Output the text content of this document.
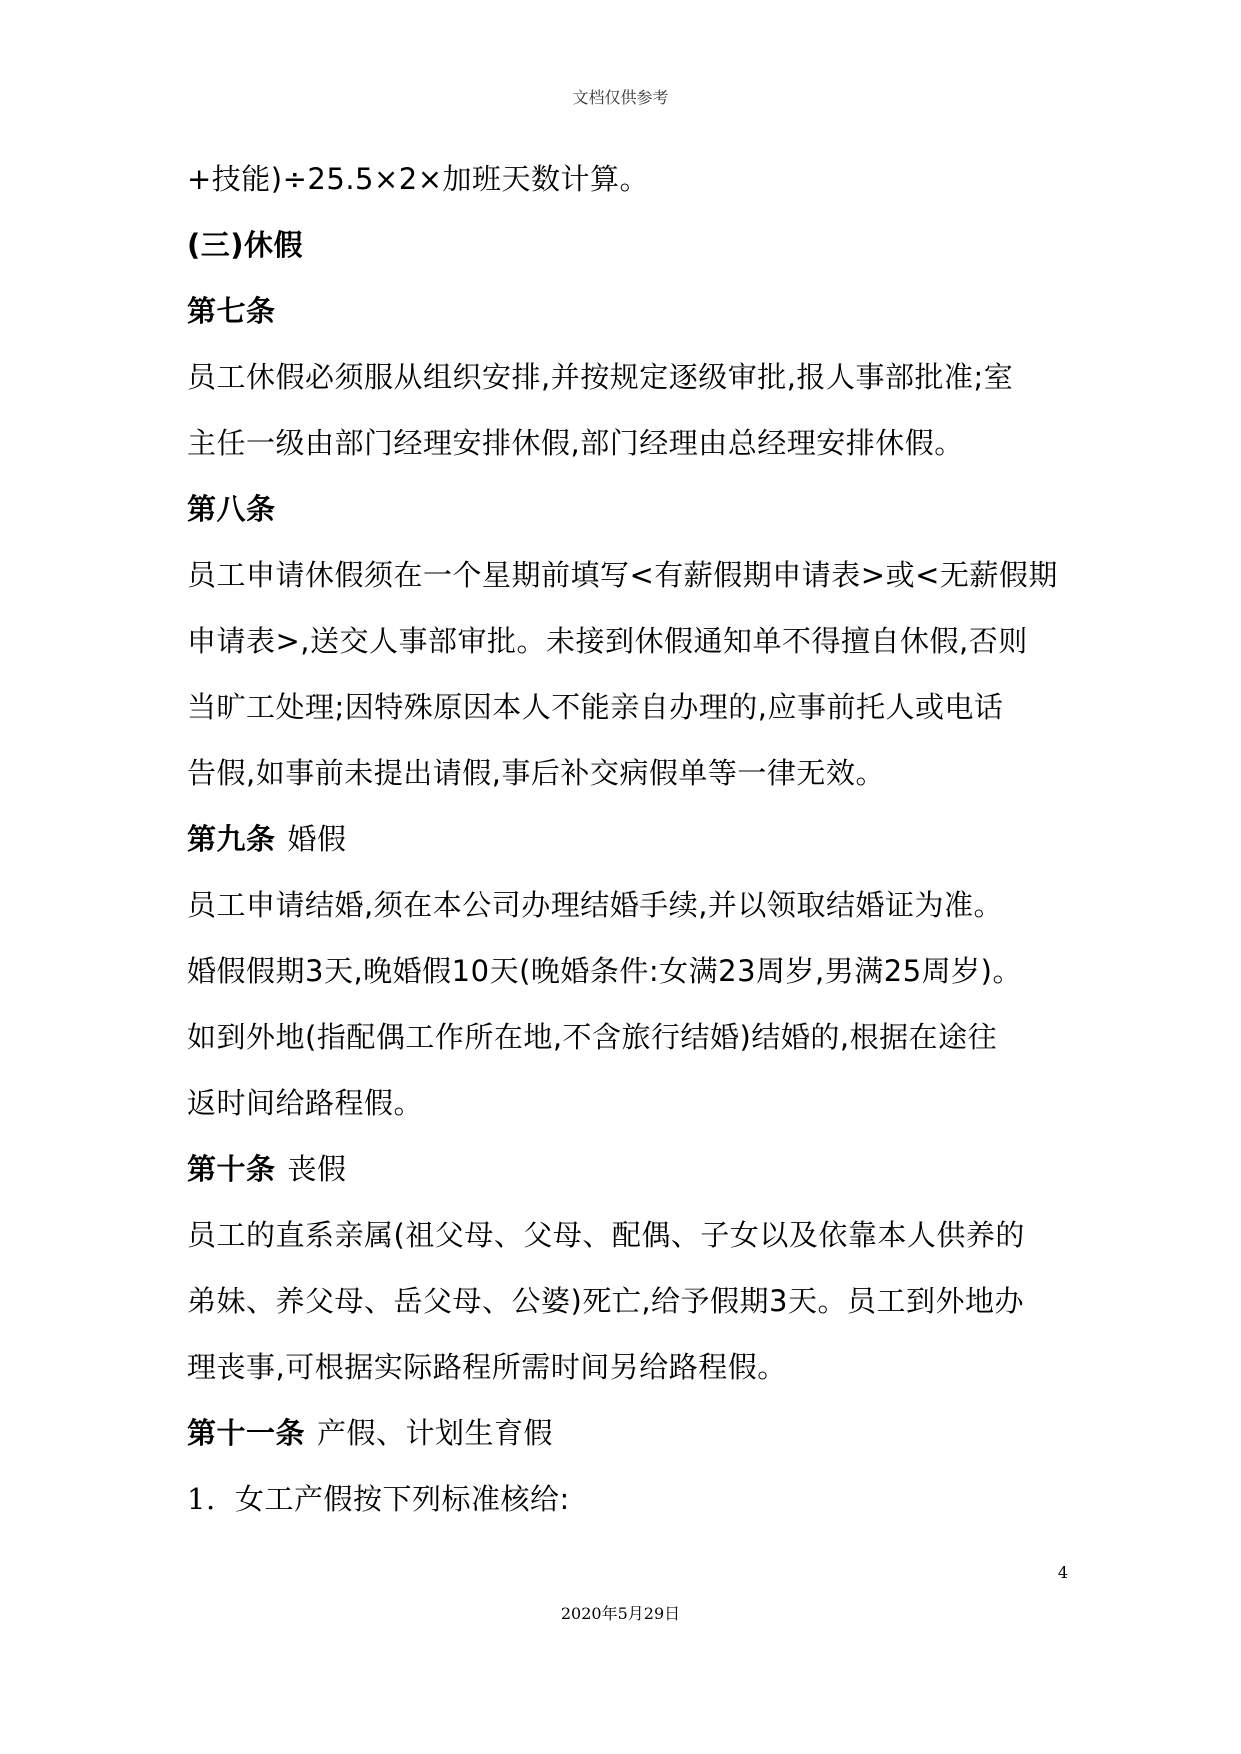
文档仅供参考
+技能)÷25.5×2×加班天数计算。
(三)休假
第七条
员工休假必须服从组织安排,并按规定逐级审批,报人事部批准;室
主任一级由部门经理安排休假,部门经理由总经理安排休假。
第八条
员工申请休假须在一个星期前填写<有薪假期申请表>或<无薪假期
申请表>,送交人事部审批。未接到休假通知单不得擅自休假,否则
当旷工处理;因特殊原因本人不能亲自办理的,应事前托人或电话
告假,如事前未提出请假,事后补交病假单等一律无效。
第九条 婚假
员工申请结婚,须在本公司办理结婚手续,并以领取结婚证为准。
婚假假期3天,晚婚假10天(晚婚条件:女满23周岁,男满25周岁)。
如到外地(指配偶工作所在地,不含旅行结婚)结婚的,根据在途往
返时间给路程假。
第十条 丧假
员工的直系亲属(祖父母、父母、配偶、子女以及依靠本人供养的
弟妹、养父母、岳父母、公婆)死亡,给予假期3天。员工到外地办
理丧事,可根据实际路程所需时间另给路程假。
第十一条 产假、计划生育假
1. 女工产假按下列标准核给:
4
2020年5月29日
